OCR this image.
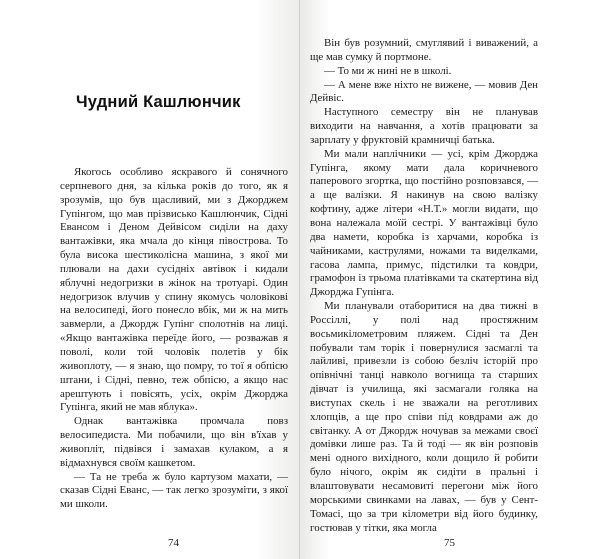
Чудний Кашлюнчик

Якогось особливо яскравого й сонячного серпневого дня, за кілька років до того, як я зрозумів, що був щасливий, ми з Джорджем Гупінгом, що мав прізвисько Кашлюнчик, Сідні Евансом і Деном Дейвісом сиділи на даху вантажівки, яка мчала до кінця півострова. То була висока шестиколісна машина, з якої ми плювали на дахи сусідніх автівок і кидали яблучні недогризки в жінок на тротуарі. Один недогризок влучив у спину якомусь чоловікові на велосипеді, його понесло вбік, ми ж на мить завмерли, а Джордж Гупінг сполотнів на лиці. «Якщо вантажівка переїде його, — розважав я поволі, коли той чоловік полетів у бік живоплоту, — я знаю, що помру, то тої я обпісю штани, і Сідні, певно, теж обпісю, а якщо нас арештують і повісять, усіх, окрім Джорджа Гупінга, який не мав яблука».

Однак вантажівка промчала повз велосипедиста. Ми побачили, що він в'їхав у живопліт, підвівся і замахав кулаком, а я відмахнувся своїм кашкетом.

— Та не треба ж було картузом махати, — сказав Сідні Еванс, — так легко зрозуміти, з якої ми школи.

74

Він був розумний, смуглявий і виважений, а ще мав сумку й портмоне.

— То ми ж нині не в школі.

— А мене вже ніхто не вижене, — мовив Ден Дейвіс.

Наступного семестру він не планував виходити на навчання, а хотів працювати за зарплату у фруктовій крамничці батька.

Ми мали наплічники — усі, крім Джорджа Гупінга, якому мати дала коричневого паперового згортка, що постійно розповзався, — а ще валізки. Я накинув на свою валізку кофтину, адже літери «Н.Т.» могли видати, що вона належала моїй сестрі. У вантажівці було два намети, коробка із харчами, коробка із чайниками, каструлями, ножами та виделками, гасова лампа, примус, підстилки та ковдри, грамофон із трьома платівками та скатертина від Джорджа Гупінга.

Ми планували отаборитися на два тижні в Россіллі, у полі над простяжним восьмикілометровим пляжем. Сідні та Ден побували там торік і повернулися засмаглі та лайливі, привезли із собою безліч історій про опівнічні танці навколо вогнища та старших дівчат із училища, які засмагали голяка на виступах скель і не зважали на реготливих хлопців, а ще про співи під ковдрами аж до світанку. А от Джордж ночував за межами своєї домівки лише раз. Та й тоді — як він розповів мені одного вихідного, коли дощило й робити було нічого, окрім як сидіти в пральні і влаштовувати несамовиті перегони між його морськими свинками на лавах, — був у Сент-Томасі, що за три кілометри від його будинку, гостював у тітки, яка могла

75
